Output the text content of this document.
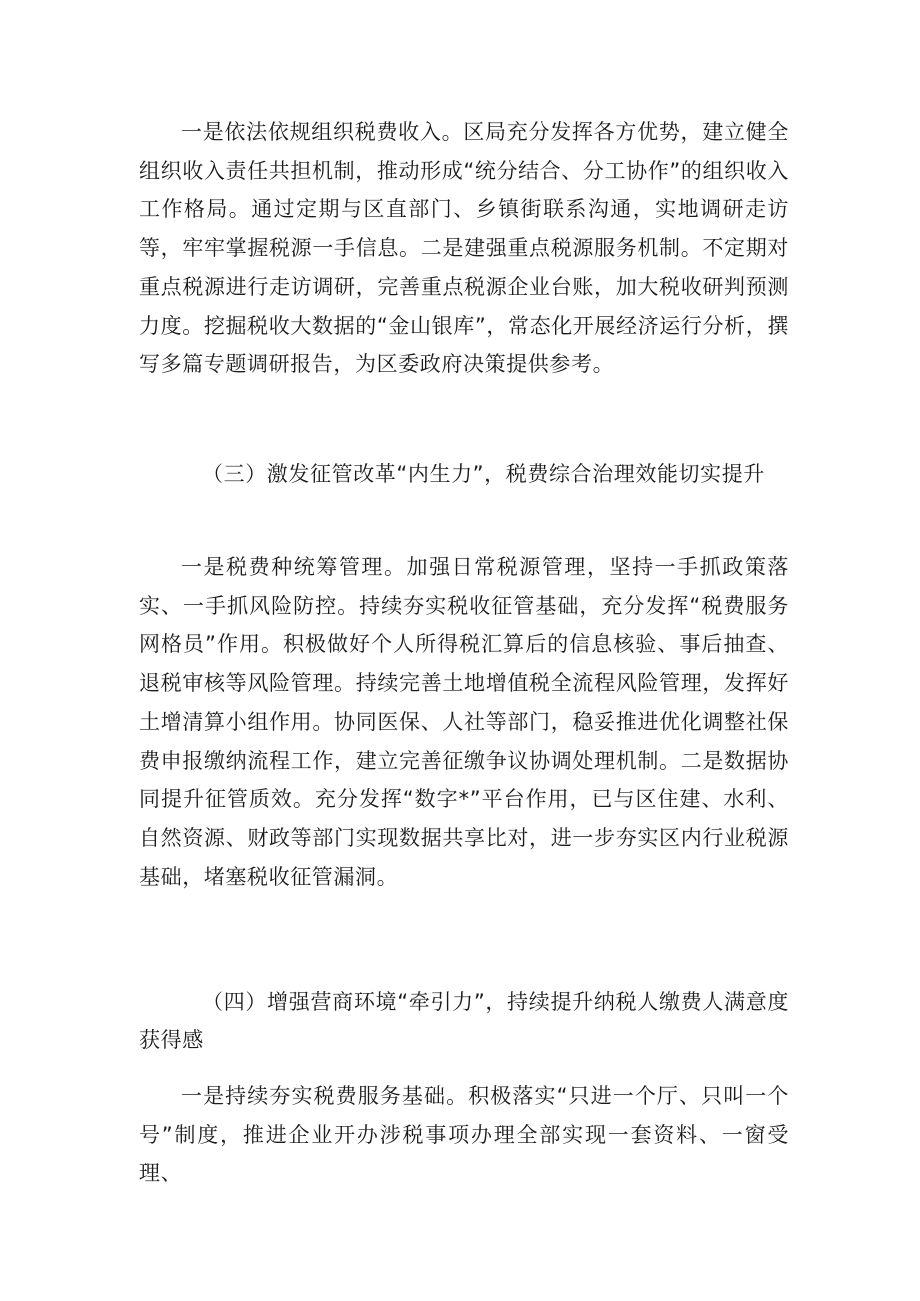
一是依法依规组织税费收入。区局充分发挥各方优势，建立健全组织收入责任共担机制，推动形成“统分结合、分工协作”的组织收入工作格局。通过定期与区直部门、乡镇街联系沟通，实地调研走访等，牢牢掌握税源一手信息。二是建强重点税源服务机制。不定期对重点税源进行走访调研，完善重点税源企业台账，加大税收研判预测力度。挖掘税收大数据的“金山银库”，常态化开展经济运行分析，撰写多篇专题调研报告，为区委政府决策提供参考。

（三）激发征管改革“内生力”，税费综合治理效能切实提升

一是税费种统筹管理。加强日常税源管理，坚持一手抓政策落实、一手抓风险防控。持续夯实税收征管基础，充分发挥“税费服务网格员”作用。积极做好个人所得税汇算后的信息核验、事后抽查、退税审核等风险管理。持续完善土地增值税全流程风险管理，发挥好土增清算小组作用。协同医保、人社等部门，稳妥推进优化调整社保费申报缴纳流程工作，建立完善征缴争议协调处理机制。二是数据协同提升征管质效。充分发挥“数字*”平台作用，已与区住建、水利、自然资源、财政等部门实现数据共享比对，进一步夯实区内行业税源基础，堵塞税收征管漏洞。

（四）增强营商环境“牵引力”，持续提升纳税人缴费人满意度获得感

一是持续夯实税费服务基础。积极落实“只进一个厅、只叫一个号”制度，推进企业开办涉税事项办理全部实现一套资料、一窗受理、
